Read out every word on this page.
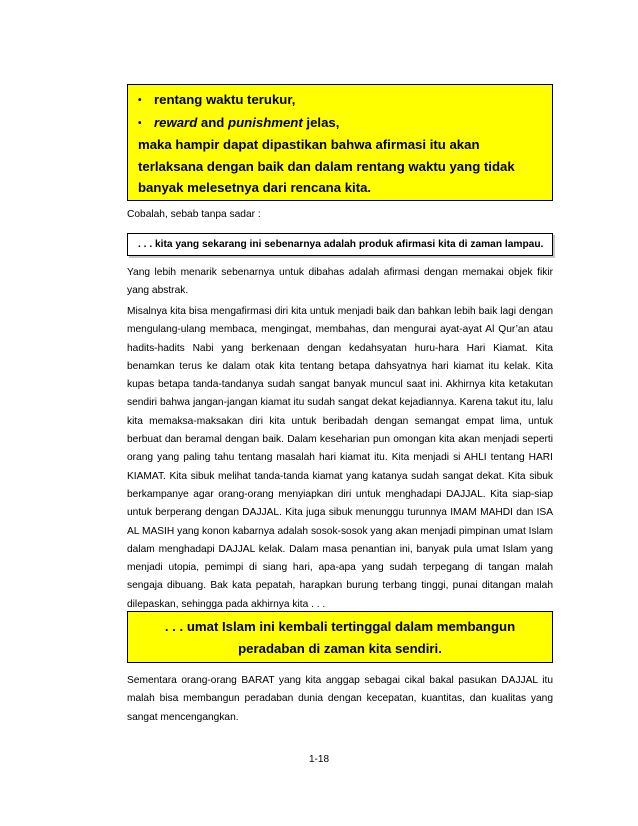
• rentang waktu terukur,
• reward and punishment jelas,
maka hampir dapat dipastikan bahwa afirmasi itu akan
terlaksana dengan baik dan dalam rentang waktu yang tidak
banyak melesetnya dari rencana kita.
Cobalah, sebab tanpa sadar :
. . . kita yang sekarang ini sebenarnya adalah produk afirmasi kita di zaman lampau.
Yang lebih menarik sebenarnya untuk dibahas adalah afirmasi dengan memakai objek fikir yang abstrak.
Misalnya kita bisa mengafirmasi diri kita untuk menjadi baik dan bahkan lebih baik lagi dengan mengulang-ulang membaca, mengingat, membahas, dan mengurai ayat-ayat Al Qur’an atau hadits-hadits Nabi yang berkenaan dengan kedahsyatan huru-hara Hari Kiamat. Kita benamkan terus ke dalam otak kita tentang betapa dahsyatnya hari kiamat itu kelak. Kita kupas betapa tanda-tandanya sudah sangat banyak muncul saat ini. Akhirnya kita ketakutan sendiri bahwa jangan-jangan kiamat itu sudah sangat dekat kejadiannya. Karena takut itu, lalu kita memaksa-maksakan diri kita untuk beribadah dengan semangat empat lima, untuk berbuat dan beramal dengan baik. Dalam keseharian pun omongan kita akan menjadi seperti orang yang paling tahu tentang masalah hari kiamat itu. Kita menjadi si AHLI tentang HARI KIAMAT. Kita sibuk melihat tanda-tanda kiamat yang katanya sudah sangat dekat. Kita sibuk berkampanye agar orang-orang menyiapkan diri untuk menghadapi DAJJAL. Kita siap-siap untuk berperang dengan DAJJAL. Kita juga sibuk menunggu turunnya IMAM MAHDI dan ISA AL MASIH yang konon kabarnya adalah sosok-sosok yang akan menjadi pimpinan umat Islam dalam menghadapi DAJJAL kelak. Dalam masa penantian ini, banyak pula umat Islam yang menjadi utopia, pemimpi di siang hari, apa-apa yang sudah terpegang di tangan malah sengaja dibuang. Bak kata pepatah, harapkan burung terbang tinggi, punai ditangan malah dilepaskan, sehingga pada akhirnya kita . . .
. . . umat Islam ini kembali tertinggal dalam membangun
peradaban di zaman kita sendiri.
Sementara orang-orang BARAT yang kita anggap sebagai cikal bakal pasukan DAJJAL itu malah bisa membangun peradaban dunia dengan kecepatan, kuantitas, dan kualitas yang sangat mencengangkan.
1-18
